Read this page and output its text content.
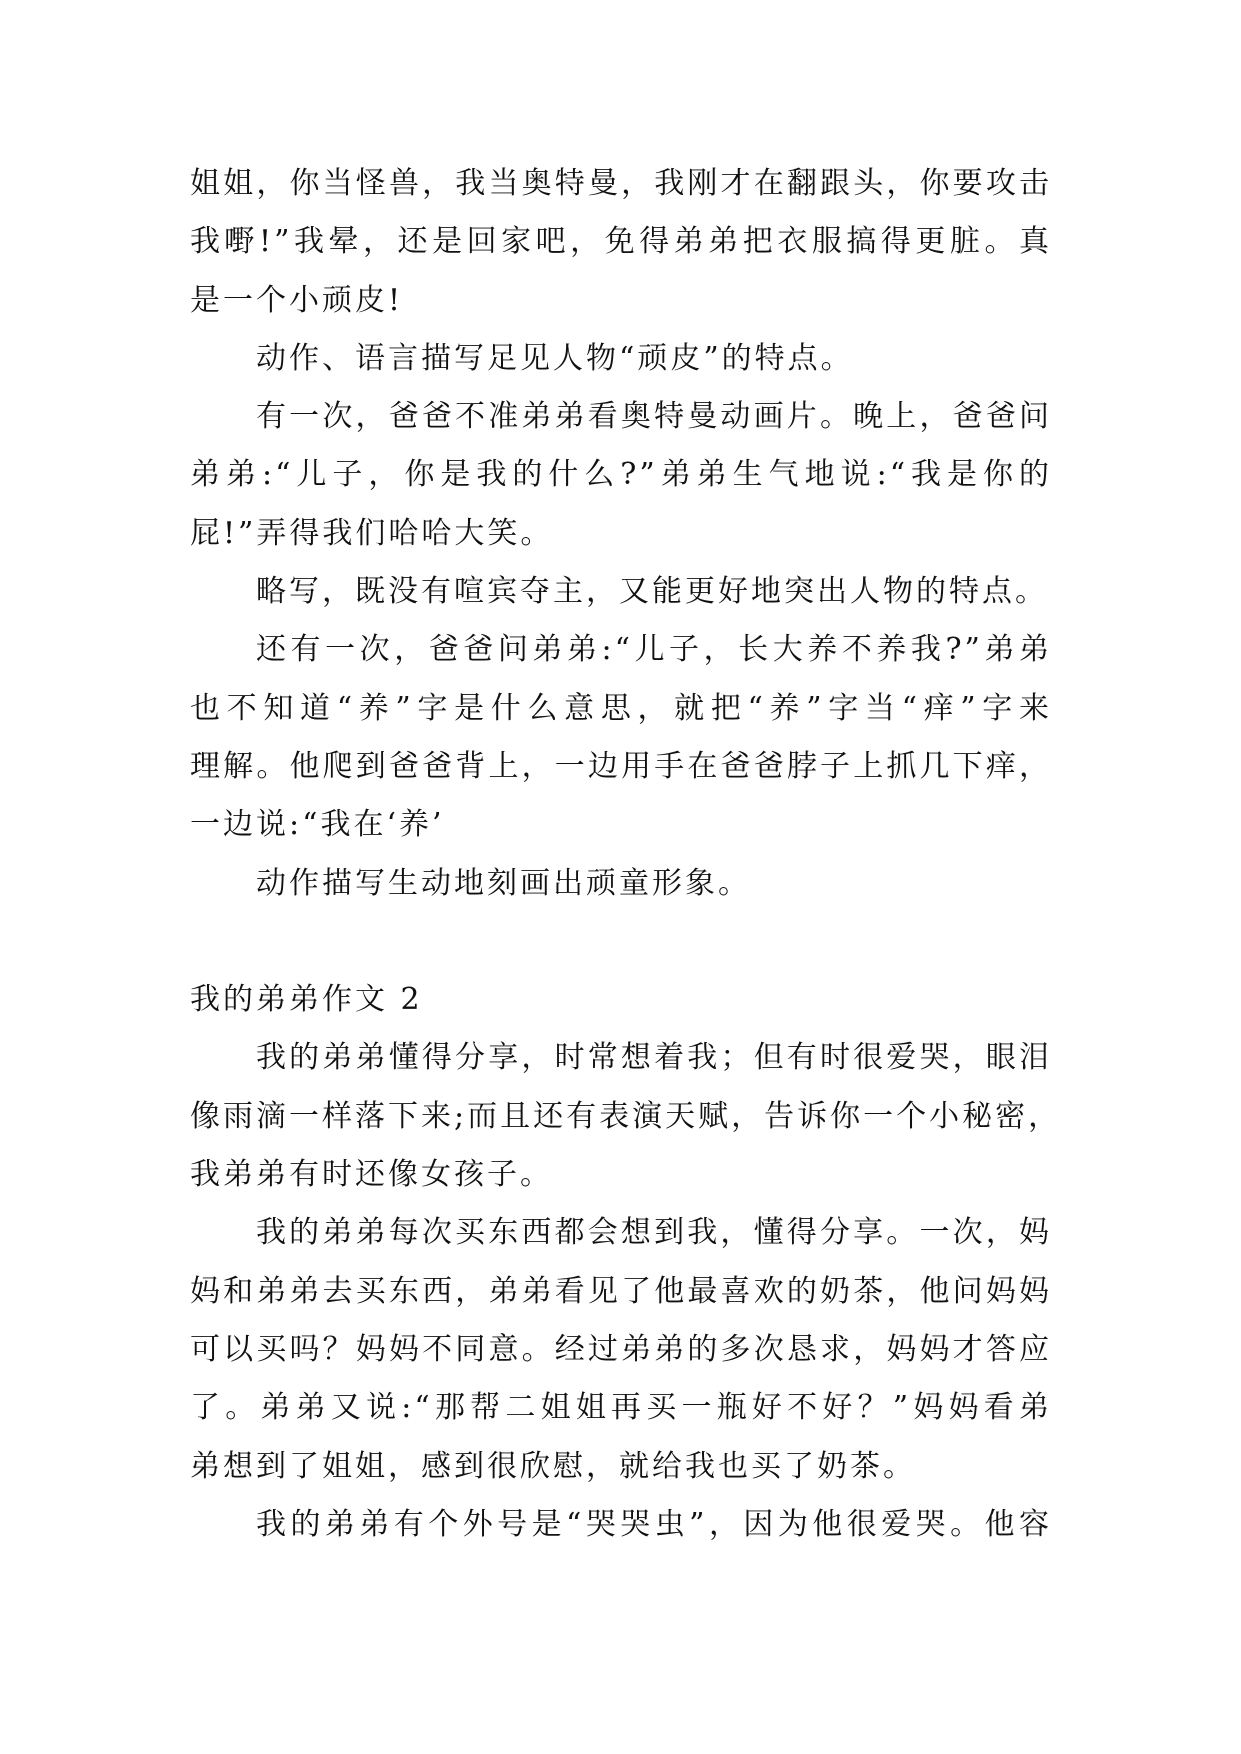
姐姐，你当怪兽，我当奥特曼，我刚才在翻跟头，你要攻击
我嘢!”我晕，还是回家吧，免得弟弟把衣服搞得更脏。真
是一个小顽皮!
动作、语言描写足见人物“顽皮”的特点。
有一次，爸爸不准弟弟看奥特曼动画片。晚上，爸爸问
弟弟:“儿子，你是我的什么?”弟弟生气地说:“我是你的
屁!”弄得我们哈哈大笑。
略写，既没有喧宾夺主，又能更好地突出人物的特点。
还有一次，爸爸问弟弟:“儿子，长大养不养我?”弟弟
也不知道“养”字是什么意思，就把“养”字当“痒”字来
理解。他爬到爸爸背上，一边用手在爸爸脖子上抓几下痒，
一边说:“我在‘养’
动作描写生动地刻画出顽童形象。
我的弟弟作文 2
我的弟弟懂得分享，时常想着我；但有时很爱哭，眼泪
像雨滴一样落下来;而且还有表演天赋，告诉你一个小秘密，
我弟弟有时还像女孩子。
我的弟弟每次买东西都会想到我，懂得分享。一次，妈
妈和弟弟去买东西，弟弟看见了他最喜欢的奶茶，他问妈妈
可以买吗？妈妈不同意。经过弟弟的多次恳求，妈妈才答应
了。弟弟又说:“那帮二姐姐再买一瓶好不好？”妈妈看弟
弟想到了姐姐，感到很欣慰，就给我也买了奶茶。
我的弟弟有个外号是“哭哭虫”，因为他很爱哭。他容
